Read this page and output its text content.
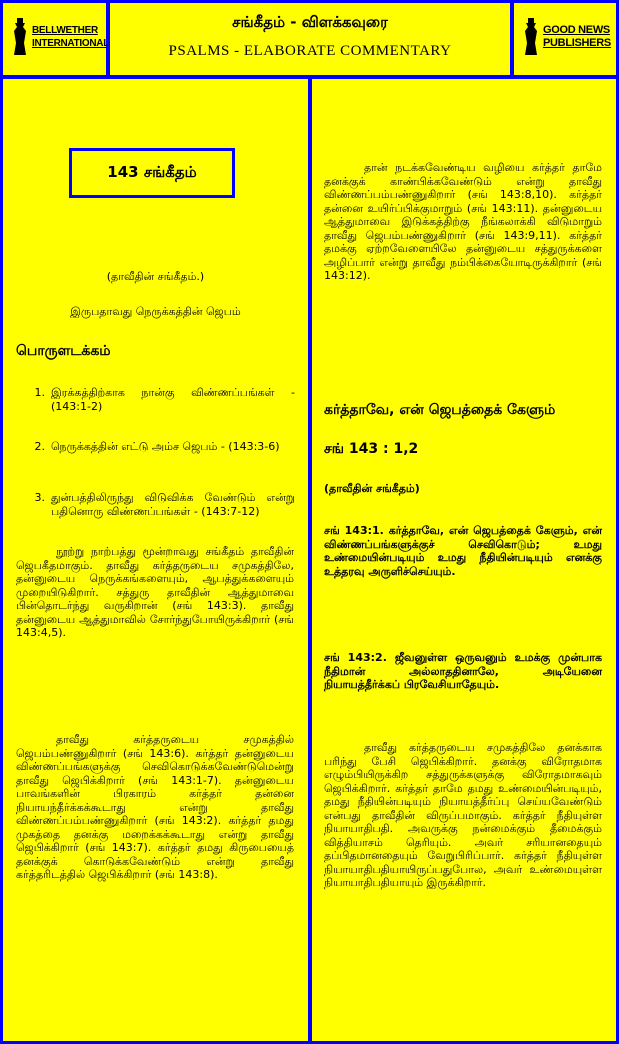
BELLWETHER
INTERNATIONAL
சங்கீதம் - விளக்கவுரை
PSALMS - ELABORATE COMMENTARY
GOOD NEWS
PUBLISHERS
143 சங்கீதம்
(தாவீதின் சங்கீதம்.)
இருபதாவது நெருக்கத்தின் ஜெபம்
பொருளடக்கம்
1. இரக்கத்திற்காக நான்கு விண்ணப்பங்கள் - (143:1-2)
2. நெருக்கத்தின் எட்டு அம்ச ஜெபம் - (143:3-6)
3. துன்பத்திலிருந்து விடுவிக்க வேண்டும் என்று பதினொரு விண்ணப்பங்கள் - (143:7-12)
நூற்று நாற்பத்து மூன்றாவது சங்கீதம் தாவீதின் ஜெபகீதமாகும். தாவீது கர்த்தருடைய சமுகத்திலே, தன்னுடைய நெருக்கங்களையும், ஆபத்துக்களையும் முறையிடுகிறார். சத்துரு தாவீதின் ஆத்துமாவை பின்தொடர்ந்து வருகிறான் (சங் 143:3). தாவீது தன்னுடைய ஆத்துமாவில் சோர்ந்துபோயிருக்கிறார் (சங் 143:4,5).
தாவீது கர்த்தருடைய சமுகத்தில் ஜெபம்பண்ணுகிறார் (சங் 143:6). கர்த்தர் தன்னுடைய விண்ணப்பங்களுக்கு செவிகொடுக்கவேண்டுமென்று தாவீது ஜெபிக்கிறார் (சங் 143:1-7). தன்னுடைய பாவங்களின் பிரகாரம் கர்த்தர் தன்னை நியாயந்தீர்க்கக்கூடாது என்று தாவீது விண்ணப்பம்பண்ணுகிறார் (சங் 143:2). கர்த்தர் தமது முகத்தை தனக்கு மறைக்கக்கூடாது என்று தாவீது ஜெபிக்கிறார் (சங் 143:7). கர்த்தர் தமது கிருபையைத் தனக்குக் கொடுக்கவேண்டும் என்று தாவீது கர்த்தரிடத்தில் ஜெபிக்கிறார் (சங் 143:8).
தான் நடக்கவேண்டிய வழியை கர்த்தர் தாமே தனக்குக் காண்பிக்கவேண்டும் என்று தாவீது விண்ணப்பம்பண்ணுகிறார் (சங் 143:8,10). கர்த்தர் தன்னை உயிர்ப்பிக்குமாறும் (சங் 143:11). தன்னுடைய ஆத்துமாவை இடுக்கத்திற்கு நீங்கலாக்கி விடுமாறும் தாவீது ஜெபம்பண்ணுகிறார் (சங் 143:9,11). கர்த்தர் தமக்கு ஏற்றவேளையிலே தன்னுடைய சத்துருக்களை அழிப்பார் என்று தாவீது நம்பிக்கையோடிருக்கிறார் (சங் 143:12).
கர்த்தாவே, என் ஜெபத்தைக் கேளும்
சங் 143 : 1,2
(தாவீதின் சங்கீதம்)
சங் 143:1. கர்த்தாவே, என் ஜெபத்தைக் கேளும், என் விண்ணப்பங்களுக்குச் செவிகொடும்; உமது உண்மையின்படியும் உமது நீதியின்படியும் எனக்கு உத்தரவு அருளிச்செய்யும்.
சங் 143:2. ஜீவனுள்ள ஒருவனும் உமக்கு முன்பாக நீதிமான் அல்லாததினாலே, அடியேனை நியாயத்தீர்க்கப் பிரவேசியாதேயும்.
தாவீது கர்த்தருடைய சமுகத்திலே தனக்காக பரிந்து பேசி ஜெபிக்கிறார். தனக்கு விரோதமாக எழும்பியிருக்கிற சத்துருக்களுக்கு விரோதமாகவும் ஜெபிக்கிறார். கர்த்தர் தாமே தமது உண்மையின்படியும், தமது நீதியின்படியும் நியாயத்தீர்ப்பு செய்யவேண்டும் என்பது தாவீதின் விருப்பமாகும். கர்த்தர் நீதியுள்ள நியாயாதிபதி. அவருக்கு நன்மைக்கும் தீமைக்கும் வித்தியாசம் தெரியும். அவர் சரியானதையும் தப்பிதமானதையும் வேறுபிரிப்பார். கர்த்தர் நீதியுள்ள நியாயாதிபதியாயிருப்பதுபோல, அவர் உண்மையுள்ள நியாயாதிபதியாயும் இருக்கிறார்.
